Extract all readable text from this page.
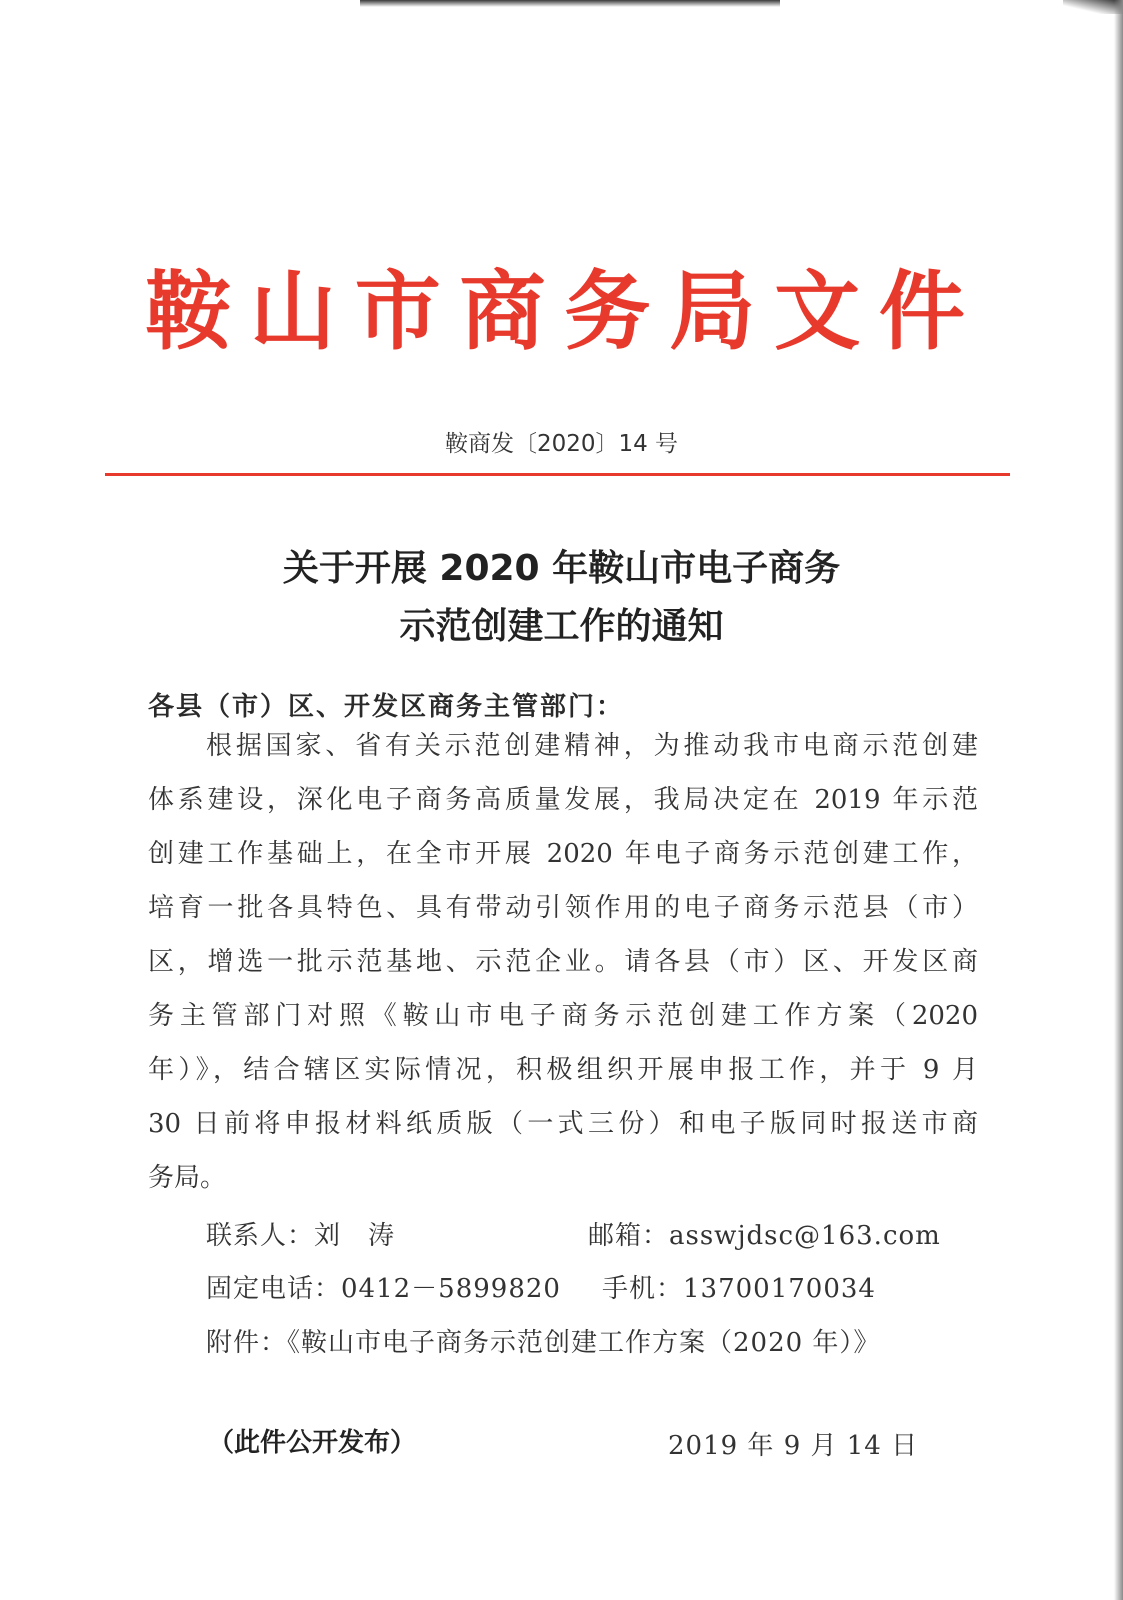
鞍 山 市 商 务 局 文 件
鞍商发〔2020〕14 号
关于开展 2020 年鞍山市电子商务
示范创建工作的通知
各县（市）区、开发区商务主管部门：
根据国家、省有关示范创建精神，为推动我市电商示范创建
体系建设，深化电子商务高质量发展，我局决定在 2019 年示范
创建工作基础上，在全市开展 2020 年电子商务示范创建工作，
培育一批各具特色、具有带动引领作用的电子商务示范县（市）
区，增选一批示范基地、示范企业。请各县（市）区、开发区商
务主管部门对照《鞍山市电子商务示范创建工作方案（2020
年）》，结合辖区实际情况，积极组织开展申报工作，并于 9 月
30 日前将申报材料纸质版（一式三份）和电子版同时报送市商
务局。
联系人：刘　涛	邮箱：asswjdsc@163.com
固定电话：0412－5899820 手机：13700170034
附件：《鞍山市电子商务示范创建工作方案（2020 年）》
（此件公开发布）	2019 年 9 月 14 日
